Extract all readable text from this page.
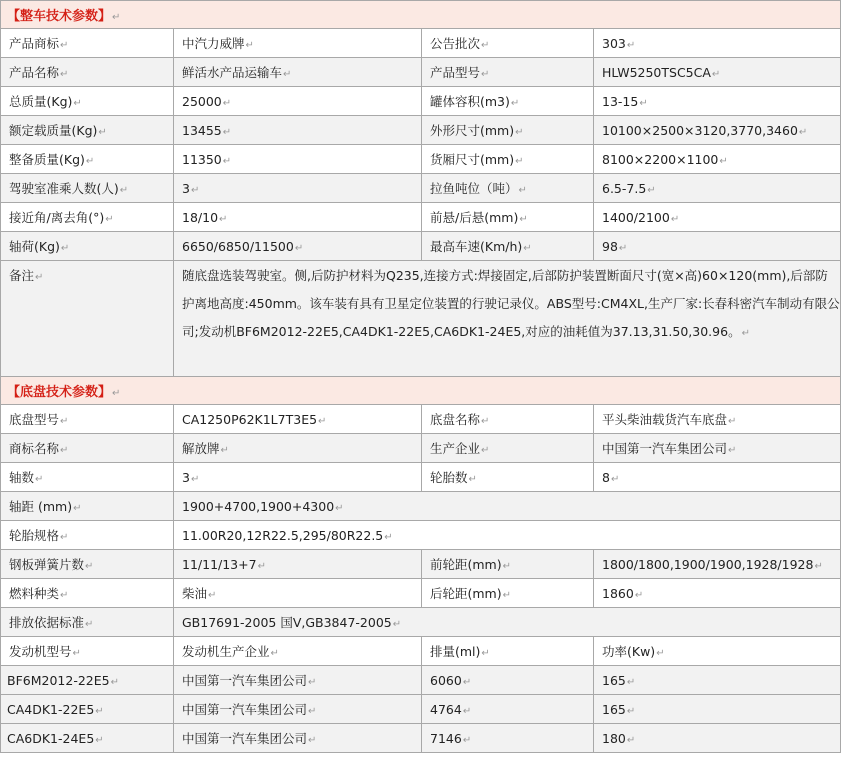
【整车技术参数】↵			
产品商标↵	中汽力威牌↵	公告批次↵	303↵
产品名称↵	鲜活水产品运输车↵	产品型号↵	HLW5250TSC5CA↵
总质量(Kg)↵	25000↵	罐体容积(m3)↵	13-15↵
额定载质量(Kg)↵	13455↵	外形尺寸(mm)↵	10100×2500×3120,3770,3460↵
整备质量(Kg)↵	11350↵	货厢尺寸(mm)↵	8100×2200×1100↵
驾驶室准乘人数(人)↵	3↵	拉鱼吨位（吨）↵	6.5-7.5↵
接近角/离去角(°)↵	18/10↵	前悬/后悬(mm)↵	1400/2100↵
轴荷(Kg)↵	6650/6850/11500↵	最高车速(Km/h)↵	98↵
备注↵	随底盘选装驾驶室。侧,后防护材料为Q235,连接方式:焊接固定,后部防护装置断面尺寸(宽×高)60×120(mm),后部防护离地高度:450mm。该车装有具有卫星定位装置的行驶记录仪。ABS型号:CM4XL,生产厂家:长春科密汽车制动有限公司;发动机BF6M2012-22E5,CA4DK1-22E5,CA6DK1-24E5,对应的油耗值为37.13,31.50,30.96。↵		
【底盘技术参数】↵			
底盘型号↵	CA1250P62K1L7T3E5↵	底盘名称↵	平头柴油载货汽车底盘↵
商标名称↵	解放牌↵	生产企业↵	中国第一汽车集团公司↵
轴数↵	3↵	轮胎数↵	8↵
轴距 (mm)↵	1900+4700,1900+4300↵		
轮胎规格↵	11.00R20,12R22.5,295/80R22.5↵		
钢板弹簧片数↵	11/11/13+7↵	前轮距(mm)↵	1800/1800,1900/1900,1928/1928↵
燃料种类↵	柴油↵	后轮距(mm)↵	1860↵
排放依据标准↵	GB17691-2005 国Ⅴ,GB3847-2005↵		
发动机型号↵	发动机生产企业↵	排量(ml)↵	功率(Kw)↵
BF6M2012-22E5↵	中国第一汽车集团公司↵	6060↵	165↵
CA4DK1-22E5↵	中国第一汽车集团公司↵	4764↵	165↵
CA6DK1-24E5↵	中国第一汽车集团公司↵	7146↵	180↵
